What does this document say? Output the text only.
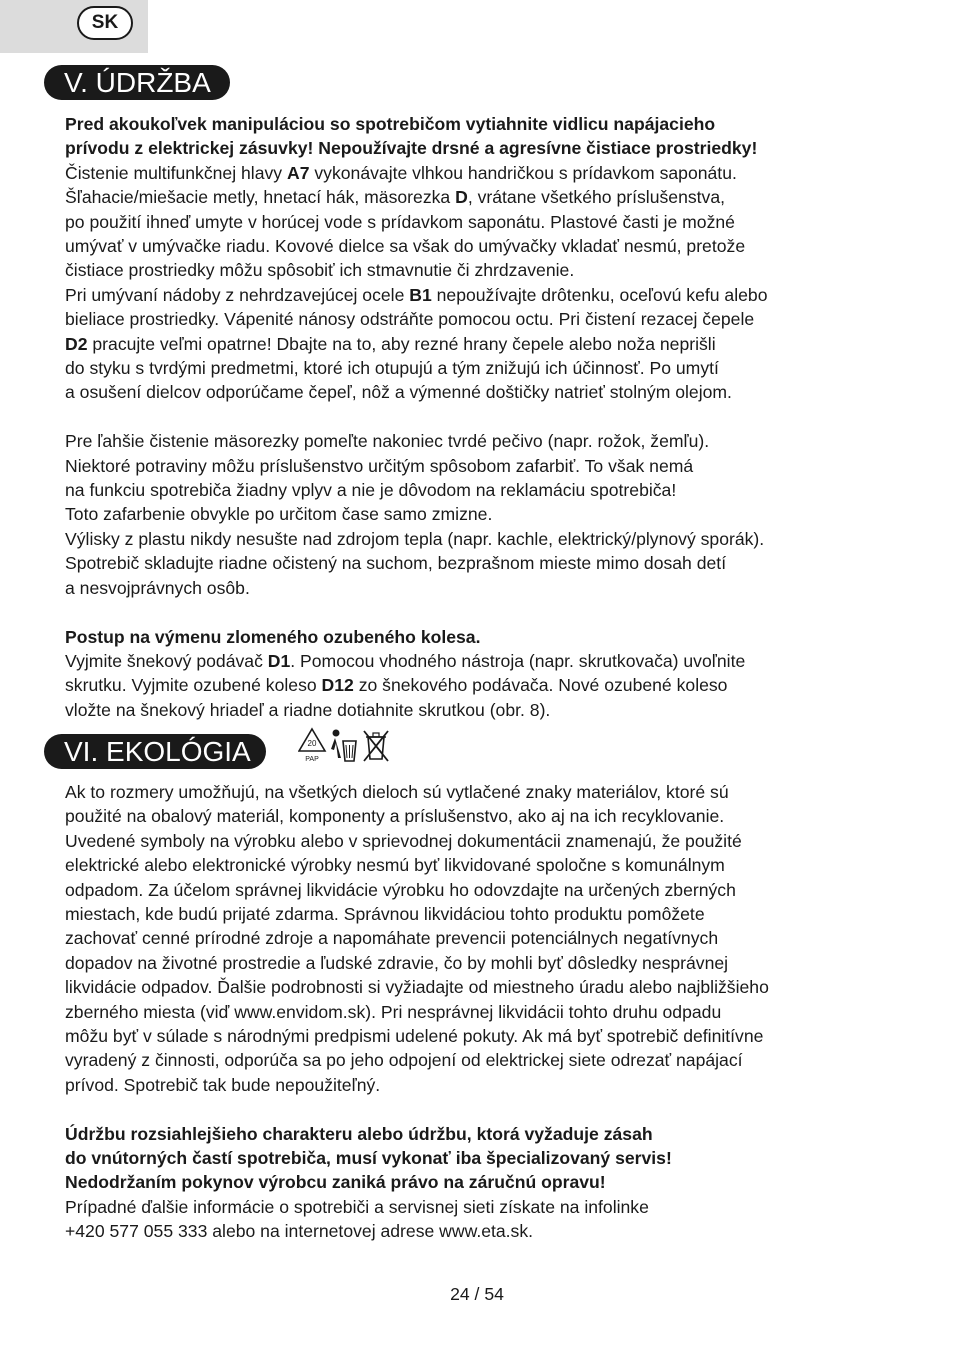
SK
V. ÚDRŽBA

Pred akoukoľvek manipuláciou so spotrebičom vytiahnite vidlicu napájacieho

prívodu z elektrickej zásuvky! Nepoužívajte drsné a agresívne čistiace prostriedky!

Čistenie multifunkčnej hlavy A7 vykonávajte vlhkou handričkou s prídavkom saponátu.

Šľahacie/miešacie metly, hnetací hák, mäsorezka D, vrátane všetkého príslušenstva,

po použití ihneď umyte v horúcej vode s prídavkom saponátu. Plastové časti je možné

umývať v umývačke riadu. Kovové dielce sa však do umývačky vkladať nesmú, pretože

čistiace prostriedky môžu spôsobiť ich stmavnutie či zhrdzavenie.

Pri umývaní nádoby z nehrdzavejúcej ocele B1 nepoužívajte drôtenku, oceľovú kefu alebo

bieliace prostriedky. Vápenité nánosy odstráňte pomocou octu. Pri čistení rezacej čepele

D2 pracujte veľmi opatrne! Dbajte na to, aby rezné hrany čepele alebo noža neprišli

do styku s tvrdými predmetmi, ktoré ich otupujú a tým znižujú ich účinnosť. Po umytí

a osušení dielcov odporúčame čepeľ, nôž a výmenné doštičky natrieť stolným olejom.

Pre ľahšie čistenie mäsorezky pomeľte nakoniec tvrdé pečivo (napr. rožok, žemľu).

Niektoré potraviny môžu príslušenstvo určitým spôsobom zafarbiť. To však nemá

na funkciu spotrebiča žiadny vplyv a nie je dôvodom na reklamáciu spotrebiča!

Toto zafarbenie obvykle po určitom čase samo zmizne.

Výlisky z plastu nikdy nesušte nad zdrojom tepla (napr. kachle, elektrický/plynový sporák).

Spotrebič skladujte riadne očistený na suchom, bezprašnom mieste mimo dosah detí

a nesvojprávnych osôb.

Postup na výmenu zlomeného ozubeného kolesa.

Vyjmite šnekový podávač D1. Pomocou vhodného nástroja (napr. skrutkovača) uvoľnite

skrutku. Vyjmite ozubené koleso D12 zo šnekového podávača. Nové ozubené koleso

vložte na šnekový hriadeľ a riadne dotiahnite skrutkou (obr. 8).

VI. EKOLÓGIA	20
PAP

Ak to rozmery umožňujú, na všetkých dieloch sú vytlačené znaky materiálov, ktoré sú

použité na obalový materiál, komponenty a príslušenstvo, ako aj na ich recyklovanie.

Uvedené symboly na výrobku alebo v sprievodnej dokumentácii znamenajú, že použité

elektrické alebo elektronické výrobky nesmú byť likvidované spoločne s komunálnym

odpadom. Za účelom správnej likvidácie výrobku ho odovzdajte na určených zberných

miestach, kde budú prijaté zdarma. Správnou likvidáciou tohto produktu pomôžete

zachovať cenné prírodné zdroje a napomáhate prevencii potenciálnych negatívnych

dopadov na životné prostredie a ľudské zdravie, čo by mohli byť dôsledky nesprávnej

likvidácie odpadov. Ďalšie podrobnosti si vyžiadajte od miestneho úradu alebo najbližšieho

zberného miesta (viď www.envidom.sk). Pri nesprávnej likvidácii tohto druhu odpadu

môžu byť v súlade s národnými predpismi udelené pokuty. Ak má byť spotrebič definitívne

vyradený z činnosti, odporúča sa po jeho odpojení od elektrickej siete odrezať napájací

prívod. Spotrebič tak bude nepoužiteľný.

Údržbu rozsiahlejšieho charakteru alebo údržbu, ktorá vyžaduje zásah

do vnútorných častí spotrebiča, musí vykonať iba špecializovaný servis!

Nedodržaním pokynov výrobcu zaniká právo na záručnú opravu!

Prípadné ďalšie informácie o spotrebiči a servisnej sieti získate na infolinke

+420 577 055 333 alebo na internetovej adrese www.eta.sk.

24 / 54
